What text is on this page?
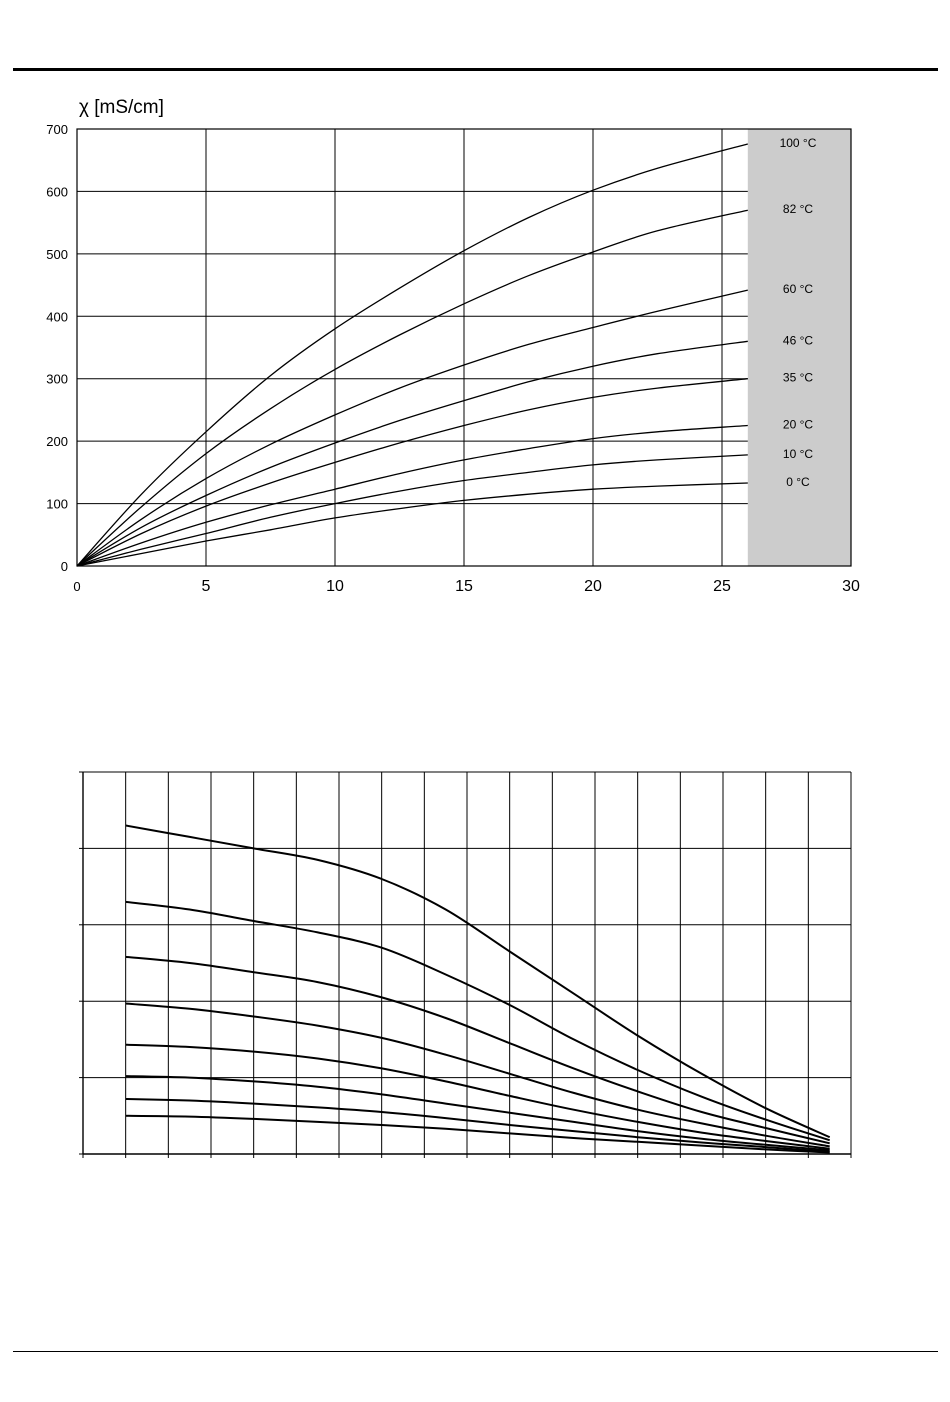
0
100
200
300
400
500
600
700
0	5	10	15	20	25	30
χ [mS/cm]
100 °C
82 °C
60 °C
46 °C
35 °C
20 °C
10 °C
0 °C
